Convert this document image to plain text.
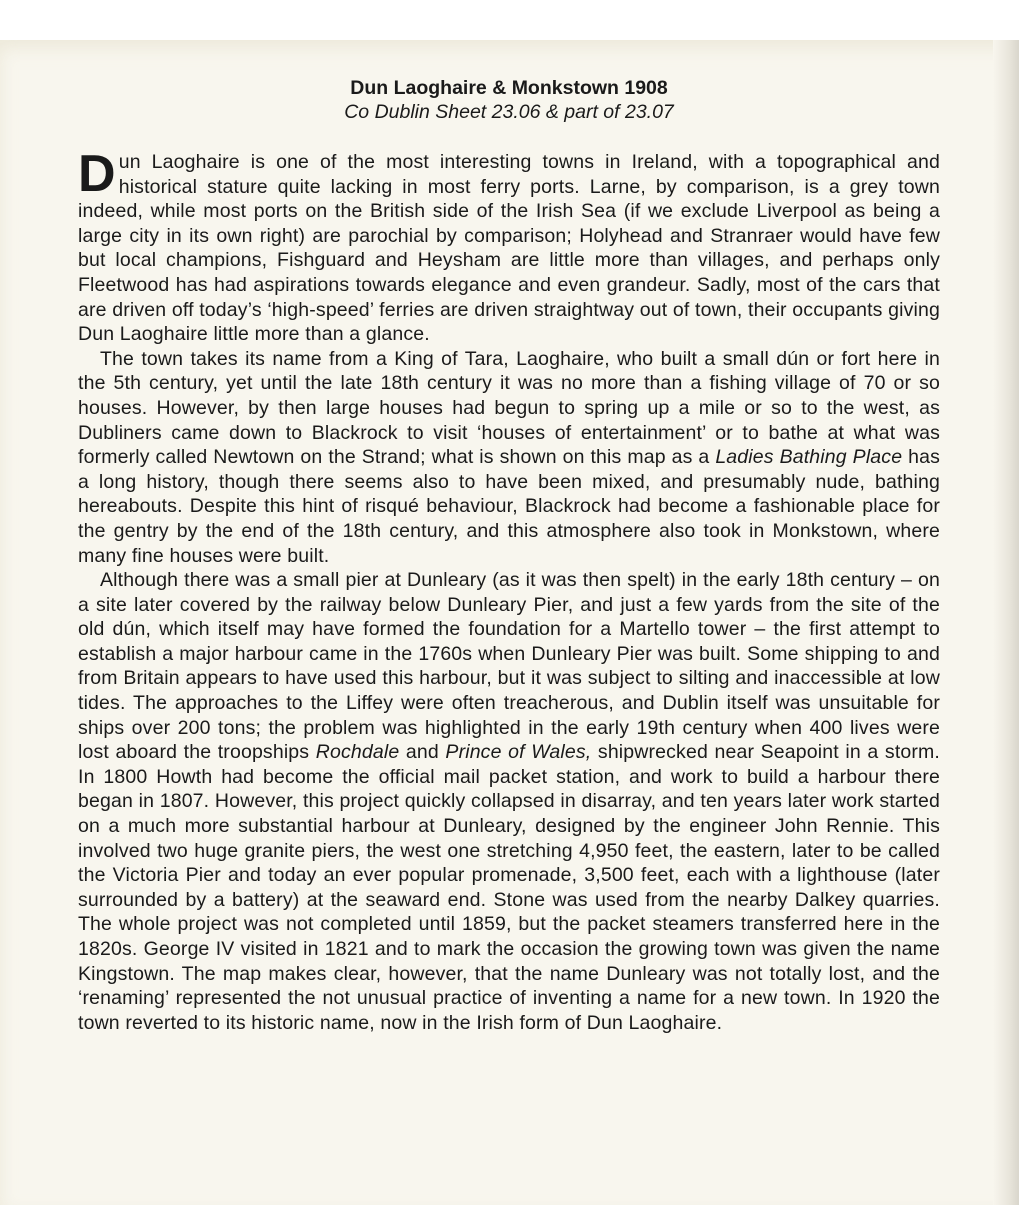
Dun Laoghaire & Monkstown 1908

Co Dublin Sheet 23.06 & part of 23.07

Dun Laoghaire is one of the most interesting towns in Ireland, with a topographical and historical stature quite lacking in most ferry ports. Larne, by comparison, is a grey town indeed, while most ports on the British side of the Irish Sea (if we exclude Liverpool as being a large city in its own right) are parochial by comparison; Holyhead and Stranraer would have few but local champions, Fishguard and Heysham are little more than villages, and perhaps only Fleetwood has had aspirations towards elegance and even grandeur. Sadly, most of the cars that are driven off today’s ‘high-speed’ ferries are driven straightway out of town, their occupants giving Dun Laoghaire little more than a glance.

The town takes its name from a King of Tara, Laoghaire, who built a small dún or fort here in the 5th century, yet until the late 18th century it was no more than a fishing village of 70 or so houses. However, by then large houses had begun to spring up a mile or so to the west, as Dubliners came down to Blackrock to visit ‘houses of entertainment’ or to bathe at what was formerly called Newtown on the Strand; what is shown on this map as a Ladies Bathing Place has a long history, though there seems also to have been mixed, and presumably nude, bathing hereabouts. Despite this hint of risqué behaviour, Blackrock had become a fashionable place for the gentry by the end of the 18th century, and this atmosphere also took in Monkstown, where many fine houses were built.

Although there was a small pier at Dunleary (as it was then spelt) in the early 18th century – on a site later covered by the railway below Dunleary Pier, and just a few yards from the site of the old dún, which itself may have formed the foundation for a Martello tower – the first attempt to establish a major harbour came in the 1760s when Dunleary Pier was built. Some shipping to and from Britain appears to have used this harbour, but it was subject to silting and inaccessible at low tides. The approaches to the Liffey were often treacherous, and Dublin itself was unsuitable for ships over 200 tons; the problem was highlighted in the early 19th century when 400 lives were lost aboard the troopships Rochdale and Prince of Wales, shipwrecked near Seapoint in a storm. In 1800 Howth had become the official mail packet station, and work to build a harbour there began in 1807. However, this project quickly collapsed in disarray, and ten years later work started on a much more substantial harbour at Dunleary, designed by the engineer John Rennie. This involved two huge granite piers, the west one stretching 4,950 feet, the eastern, later to be called the Victoria Pier and today an ever popular promenade, 3,500 feet, each with a lighthouse (later surrounded by a battery) at the seaward end. Stone was used from the nearby Dalkey quarries. The whole project was not completed until 1859, but the packet steamers transferred here in the 1820s. George IV visited in 1821 and to mark the occasion the growing town was given the name Kingstown. The map makes clear, however, that the name Dunleary was not totally lost, and the ‘renaming’ represented the not unusual practice of inventing a name for a new town. In 1920 the town reverted to its historic name, now in the Irish form of Dun Laoghaire.
